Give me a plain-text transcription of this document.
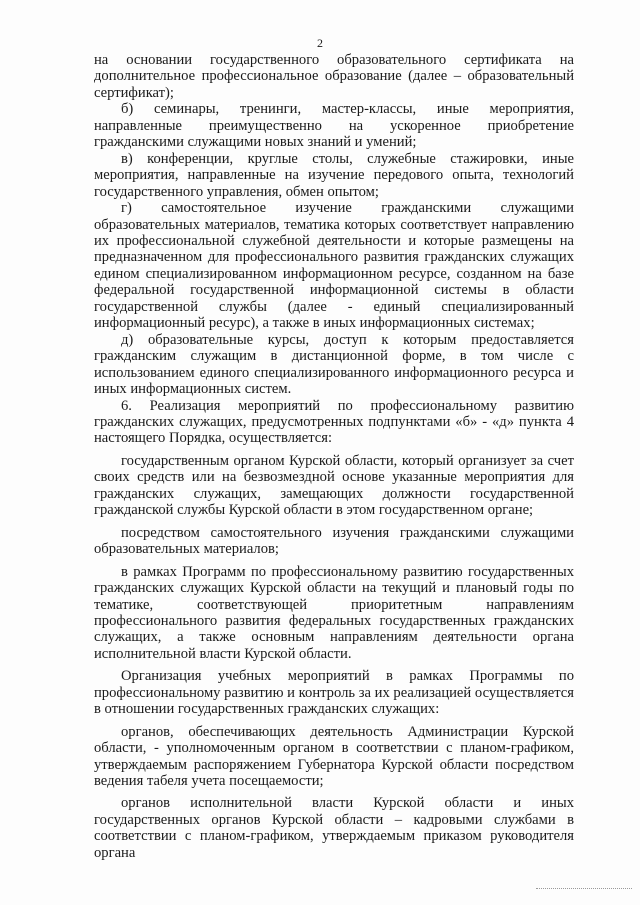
2

на основании государственного образовательного сертификата на дополнительное профессиональное образование (далее – образовательный сертификат);

б) семинары, тренинги, мастер-классы, иные мероприятия, направленные преимущественно на ускоренное приобретение гражданскими служащими новых знаний и умений;

в) конференции, круглые столы, служебные стажировки, иные мероприятия, направленные на изучение передового опыта, технологий государственного управления, обмен опытом;

г) самостоятельное изучение гражданскими служащими образовательных материалов, тематика которых соответствует направлению их профессиональной служебной деятельности и которые размещены на предназначенном для профессионального развития гражданских служащих едином специализированном информационном ресурсе, созданном на базе федеральной государственной информационной системы в области государственной службы (далее - единый специализированный информационный ресурс), а также в иных информационных системах;

д) образовательные курсы, доступ к которым предоставляется гражданским служащим в дистанционной форме, в том числе с использованием единого специализированного информационного ресурса и иных информационных систем.

6. Реализация мероприятий по профессиональному развитию гражданских служащих, предусмотренных подпунктами «б» - «д» пункта 4 настоящего Порядка, осуществляется:

государственным органом Курской области, который организует за счет своих средств или на безвозмездной основе указанные мероприятия для гражданских служащих, замещающих должности государственной гражданской службы Курской области в этом государственном органе;

посредством самостоятельного изучения гражданскими служащими образовательных материалов;

в рамках Программ по профессиональному развитию государственных гражданских служащих Курской области на текущий и плановый годы по тематике, соответствующей приоритетным направлениям профессионального развития федеральных государственных гражданских служащих, а также основным направлениям деятельности органа исполнительной власти Курской области.

Организация учебных мероприятий в рамках Программы по профессиональному развитию и контроль за их реализацией осуществляется в отношении государственных гражданских служащих:

органов, обеспечивающих деятельность Администрации Курской области, - уполномоченным органом в соответствии с планом-графиком, утверждаемым распоряжением Губернатора Курской области посредством ведения табеля учета посещаемости;

органов исполнительной власти Курской области и иных государственных органов Курской области – кадровыми службами в соответствии с планом-графиком, утверждаемым приказом руководителя органа
